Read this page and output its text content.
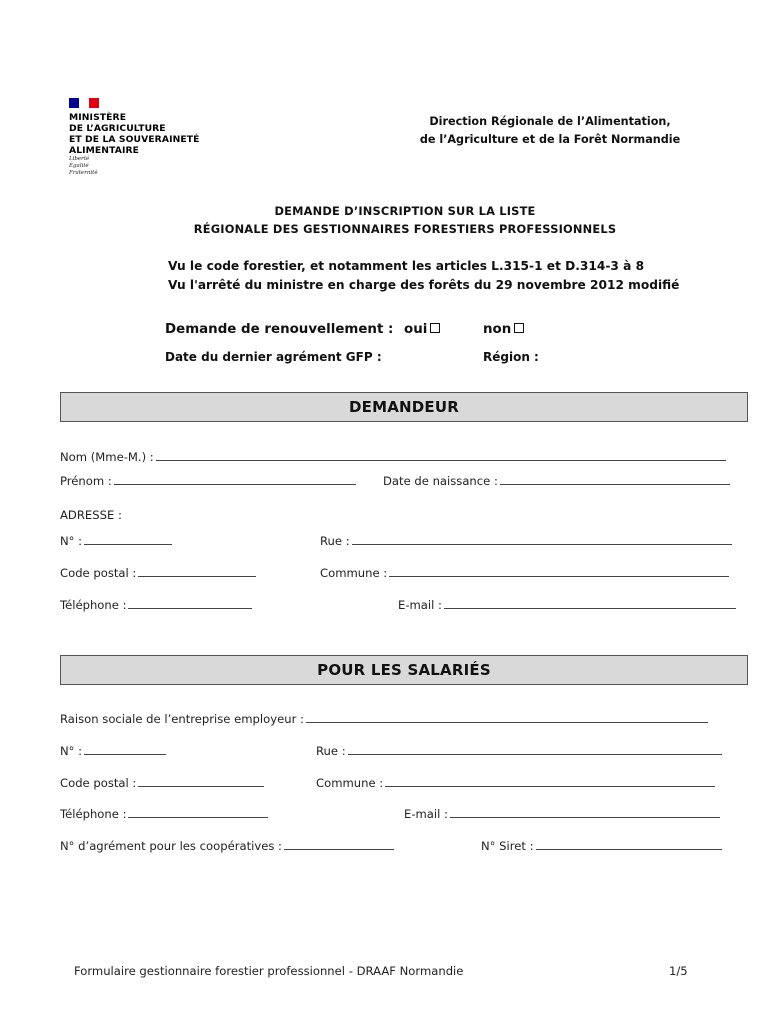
MINISTÈRE
DE L’AGRICULTURE
ET DE LA SOUVERAINETÉ
ALIMENTAIRE
Liberté
Égalité
Fraternité
Direction Régionale de l’Alimentation,
de l’Agriculture et de la Forêt Normandie
DEMANDE D’INSCRIPTION SUR LA LISTE
RÉGIONALE DES GESTIONNAIRES FORESTIERS PROFESSIONNELS
Vu le code forestier, et notamment les articles L.315-1 et D.314-3 à 8
Vu l'arrêté du ministre en charge des forêts du 29 novembre 2012 modifié
Demande de renouvellement : oui	non
Date du dernier agrément GFP :	Région :
DEMANDEUR
Nom (Mme-M.) :
Prénom :	Date de naissance :
ADRESSE :
N° :	Rue :
Code postal :	Commune :
Téléphone :	E-mail :
POUR LES SALARIÉS
Raison sociale de l’entreprise employeur :
N° :	Rue :
Code postal :	Commune :
Téléphone :	E-mail :
N° d’agrément pour les coopératives :	N° Siret :
Formulaire gestionnaire forestier professionnel - DRAAF Normandie	1/5
